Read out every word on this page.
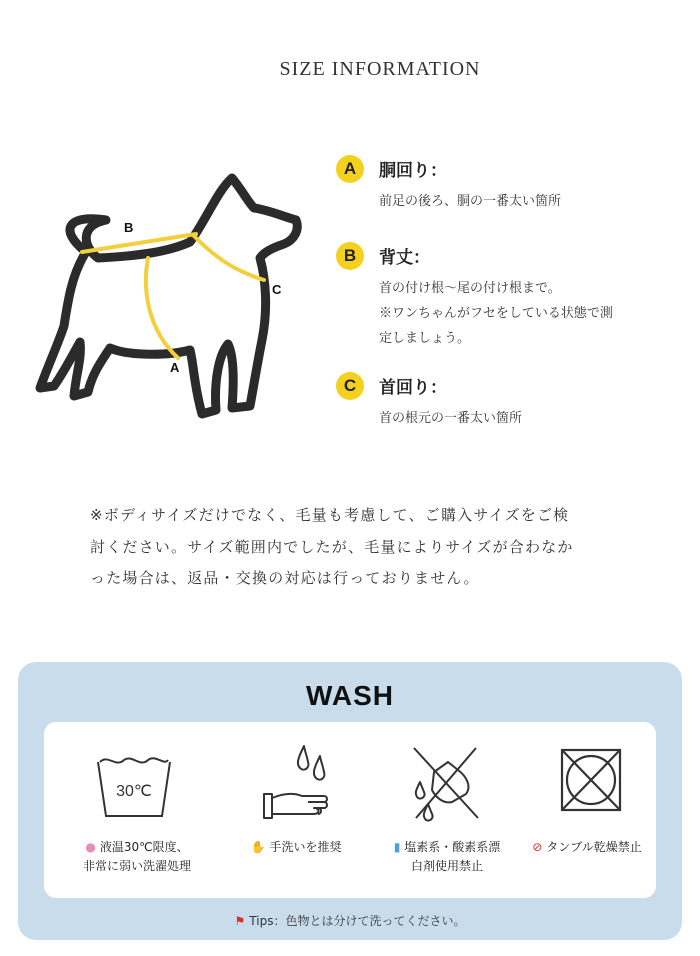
SIZE INFORMATION
B
A
C
A	胴回り：
前足の後ろ、胴の一番太い箇所
B	背丈：
首の付け根〜尾の付け根まで。
※ワンちゃんがフセをしている状態で測
定しましょう。
C	首回り：
首の根元の一番太い箇所
※ボディサイズだけでなく、毛量も考慮して、ご購入サイズをご検
討ください。サイズ範囲内でしたが、毛量によりサイズが合わなか
った場合は、返品・交換の対応は行っておりません。
WASH
30℃
● 液温30℃限度、
非常に弱い洗濯処理
✋ 手洗いを推奨	▮ 塩素系・酸素系漂
白剤使用禁止
⊘ タンブル乾燥禁止
⚑ Tips：色物とは分けて洗ってください。
